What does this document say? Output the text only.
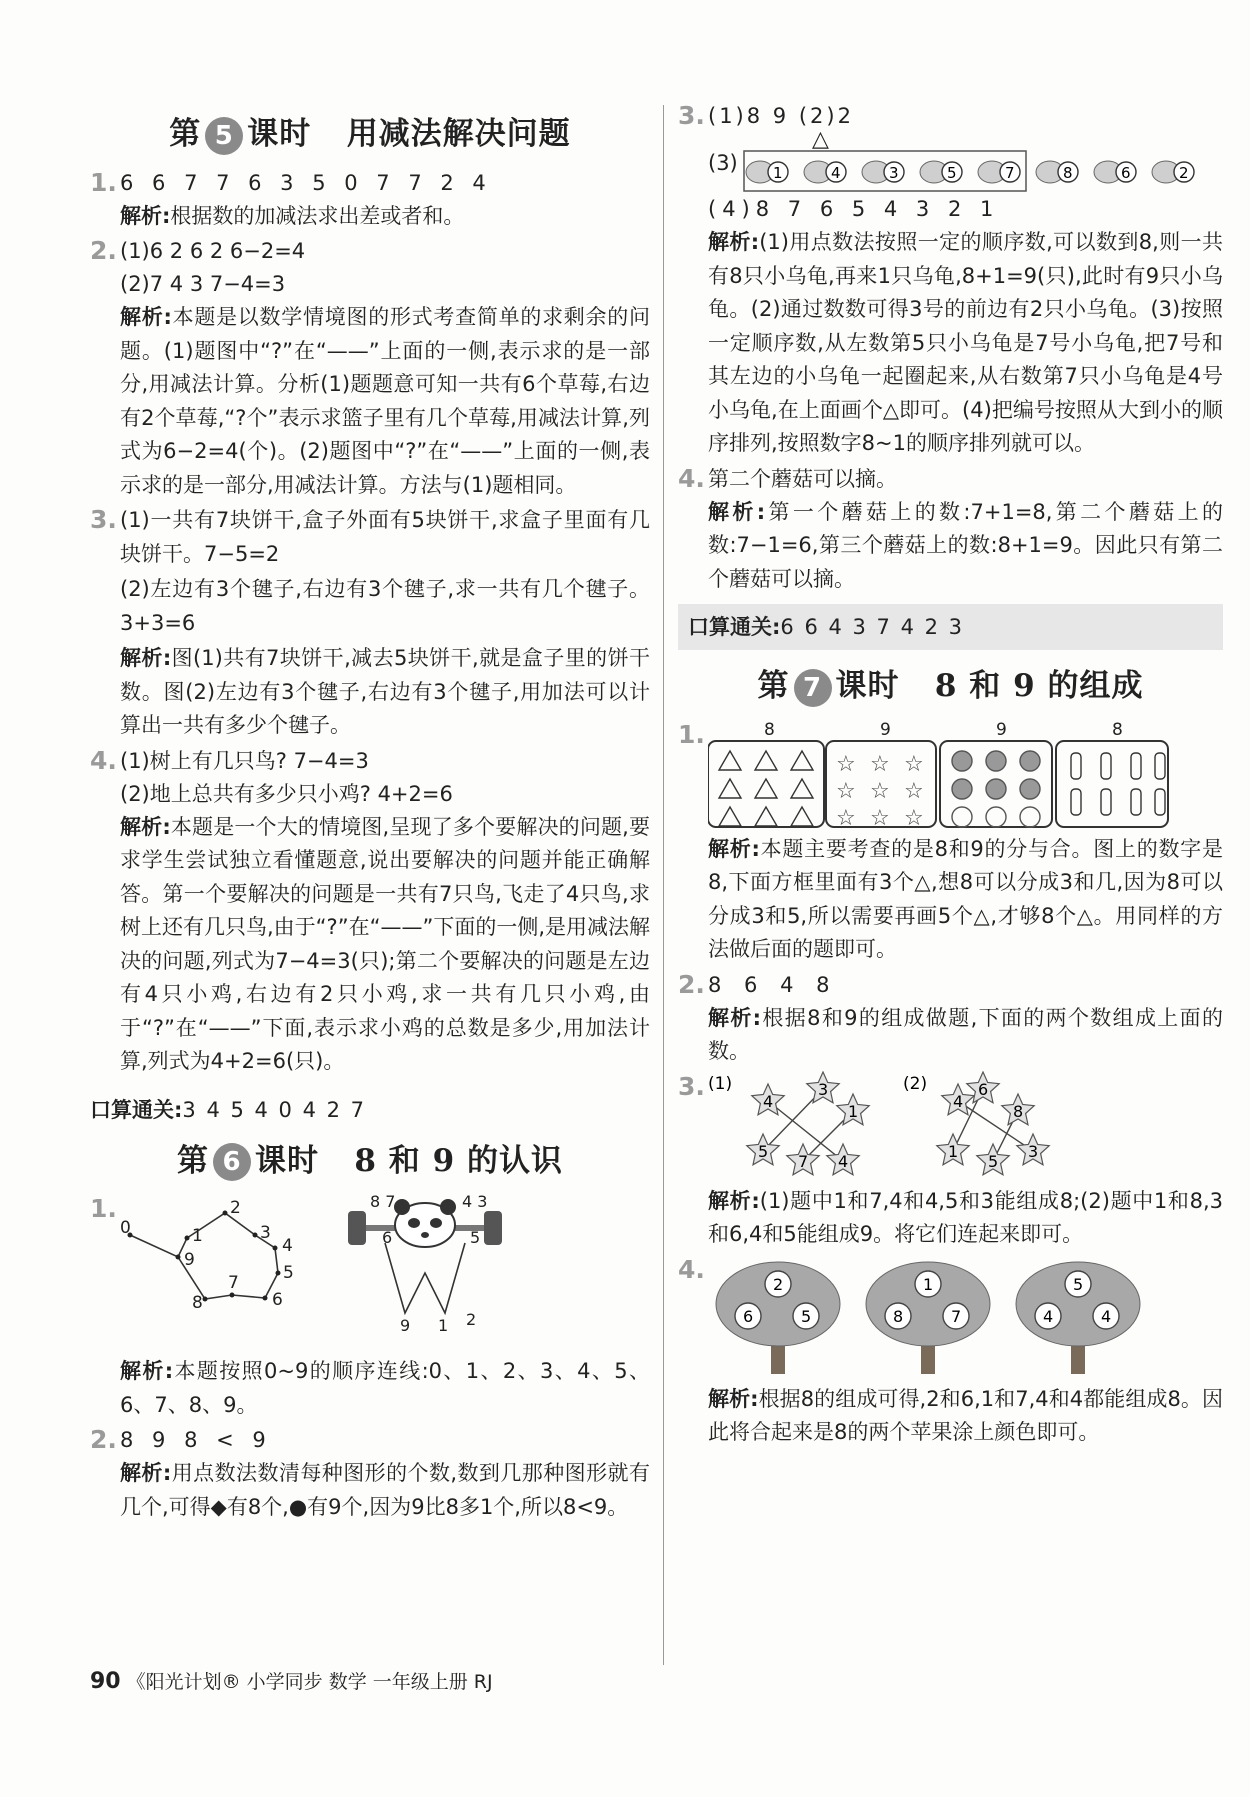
第 5 课时 用减法解决问题
1. 6 6 7 7 6 3 5 0 7 7 2 4

解析:根据数的加减法求出差或者和。

2. (1)6 2 6 2 6−2=4

(2)7 4 3 7−4=3

解析:本题是以数学情境图的形式考查简单的求剩余的问题。(1)题图中“?”在“——”上面的一侧,表示求的是一部分,用减法计算。分析(1)题题意可知一共有6个草莓,右边有2个草莓,“?个”表示求篮子里有几个草莓,用减法计算,列式为6−2=4(个)。(2)题图中“?”在“——”上面的一侧,表示求的是一部分,用减法计算。方法与(1)题相同。

3. (1)一共有7块饼干,盒子外面有5块饼干,求盒子里面有几块饼干。7−5=2

(2)左边有3个毽子,右边有3个毽子,求一共有几个毽子。3+3=6

解析:图(1)共有7块饼干,减去5块饼干,就是盒子里的饼干数。图(2)左边有3个毽子,右边有3个毽子,用加法可以计算出一共有多少个毽子。

4. (1)树上有几只鸟? 7−4=3

(2)地上总共有多少只小鸡? 4+2=6

解析:本题是一个大的情境图,呈现了多个要解决的问题,要求学生尝试独立看懂题意,说出要解决的问题并能正确解答。第一个要解决的问题是一共有7只鸟,飞走了4只鸟,求树上还有几只鸟,由于“?”在“——”下面的一侧,是用减法解决的问题,列式为7−4=3(只);第二个要解决的问题是左边有4只小鸡,右边有2只小鸡,求一共有几只小鸡,由于“?”在“——”下面,表示求小鸡的总数是多少,用加法计算,列式为4+2=6(只)。

口算通关:3 4 5 4 0 4 2 7
第 6 课时 8 和 9 的认识
1.
0	1
2
3
4
5
6
7
8
9
8 7	4 3
6	5
9 1 2

解析:本题按照0~9的顺序连线:0、1、2、3、4、5、6、7、8、9。

2. 8 9 8 < 9

解析:用点数法数清每种图形的个数,数到几那种图形就有几个,可得◆有8个,●有9个,因为9比8多1个,所以8<9。

3. (1)8 9 (2)2

(3)
△
1	4	3	5	7	8	6	2

(4)8 7 6 5 4 3 2 1

解析:(1)用点数法按照一定的顺序数,可以数到8,则一共有8只小乌龟,再来1只乌龟,8+1=9(只),此时有9只小乌龟。(2)通过数数可得3号的前边有2只小乌龟。(3)按照一定顺序数,从左数第5只小乌龟是7号小乌龟,把7号和其左边的小乌龟一起圈起来,从右数第7只小乌龟是4号小乌龟,在上面画个△即可。(4)把编号按照从大到小的顺序排列,按照数字8~1的顺序排列就可以。

4. 第二个蘑菇可以摘。

解析:第一个蘑菇上的数:7+1=8,第二个蘑菇上的数:7−1=6,第三个蘑菇上的数:8+1=9。因此只有第二个蘑菇可以摘。

口算通关:6 6 4 3 7 4 2 3
第 7 课时 8 和 9 的组成
1.	8	9	9	8
☆ ☆ ☆
☆ ☆ ☆
☆ ☆ ☆

解析:本题主要考查的是8和9的分与合。图上的数字是8,下面方框里面有3个△,想8可以分成3和几,因为8可以分成3和5,所以需要再画5个△,才够8个△。用同样的方法做后面的题即可。

2. 8 6 4 8

解析:根据8和9的组成做题,下面的两个数组成上面的数。

3. (1)	(2)
4
3
1
5
7 4
4
6
8
1
5
3

解析:(1)题中1和7,4和4,5和3能组成8;(2)题中1和8,3和6,4和5能组成9。将它们连起来即可。

4.
2
6	5
1
8	7
5
4	4

解析:根据8的组成可得,2和6,1和7,4和4都能组成8。因此将合起来是8的两个苹果涂上颜色即可。

90 《阳光计划® 小学同步 数学 一年级上册 RJ
